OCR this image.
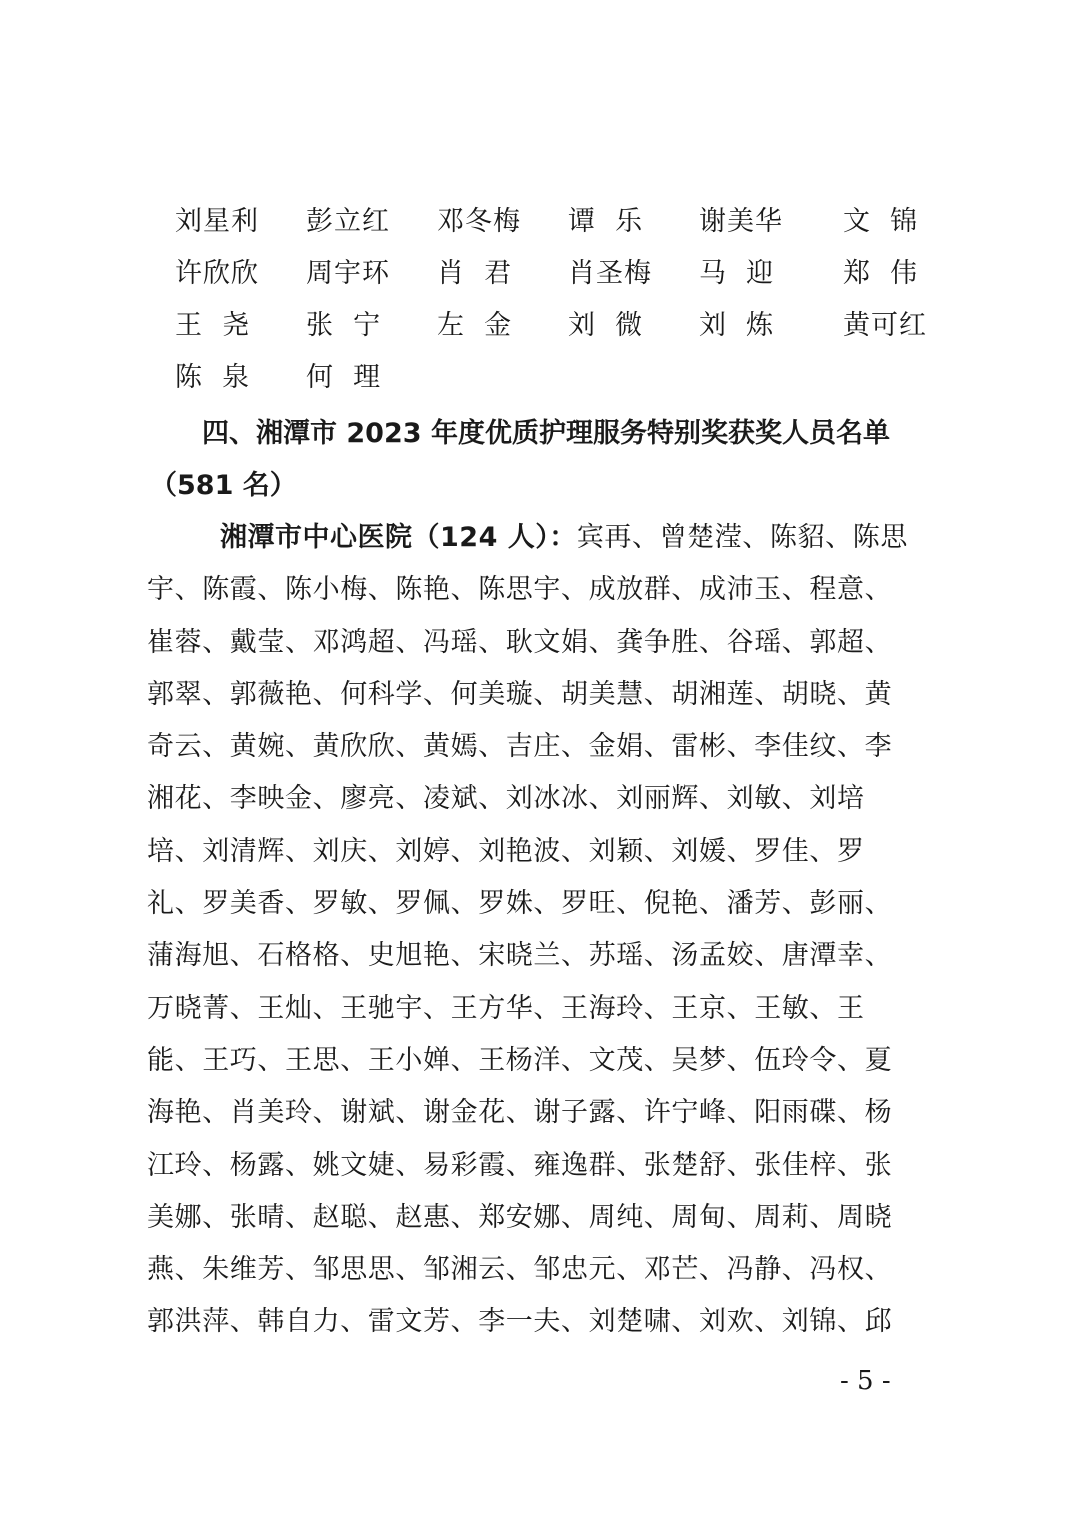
刘星利 彭立红 邓冬梅 谭  乐 谢美华 文  锦
许欣欣 周宇环 肖  君 肖圣梅 马  迎	郑  伟
王  尧 张  宁 左  金 刘  微 刘  炼	黄可红
陈  泉 何  理
四、湘潭市 2023 年度优质护理服务特别奖获奖人员名单
（581 名）
湘潭市中心医院（124 人）：宾再、曾楚滢、陈貂、陈思
宇、陈霞、陈小梅、陈艳、陈思宇、成放群、成沛玉、程意、
崔蓉、戴莹、邓鸿超、冯瑶、耿文娟、龚争胜、谷瑶、郭超、
郭翠、郭薇艳、何科学、何美璇、胡美慧、胡湘莲、胡晓、黄
奇云、黄婉、黄欣欣、黄嫣、吉庄、金娟、雷彬、李佳纹、李
湘花、李映金、廖亮、凌斌、刘冰冰、刘丽辉、刘敏、刘培
培、刘清辉、刘庆、刘婷、刘艳波、刘颖、刘媛、罗佳、罗
礼、罗美香、罗敏、罗佩、罗姝、罗旺、倪艳、潘芳、彭丽、
蒲海旭、石格格、史旭艳、宋晓兰、苏瑶、汤孟姣、唐潭幸、
万晓菁、王灿、王驰宇、王方华、王海玲、王京、王敏、王
能、王巧、王思、王小婵、王杨洋、文茂、吴梦、伍玲令、夏
海艳、肖美玲、谢斌、谢金花、谢子露、许宁峰、阳雨碟、杨
江玲、杨露、姚文婕、易彩霞、雍逸群、张楚舒、张佳梓、张
美娜、张晴、赵聪、赵惠、郑安娜、周纯、周甸、周莉、周晓
燕、朱维芳、邹思思、邹湘云、邹忠元、邓芒、冯静、冯权、
郭洪萍、韩自力、雷文芳、李一夫、刘楚啸、刘欢、刘锦、邱
- 5 -
